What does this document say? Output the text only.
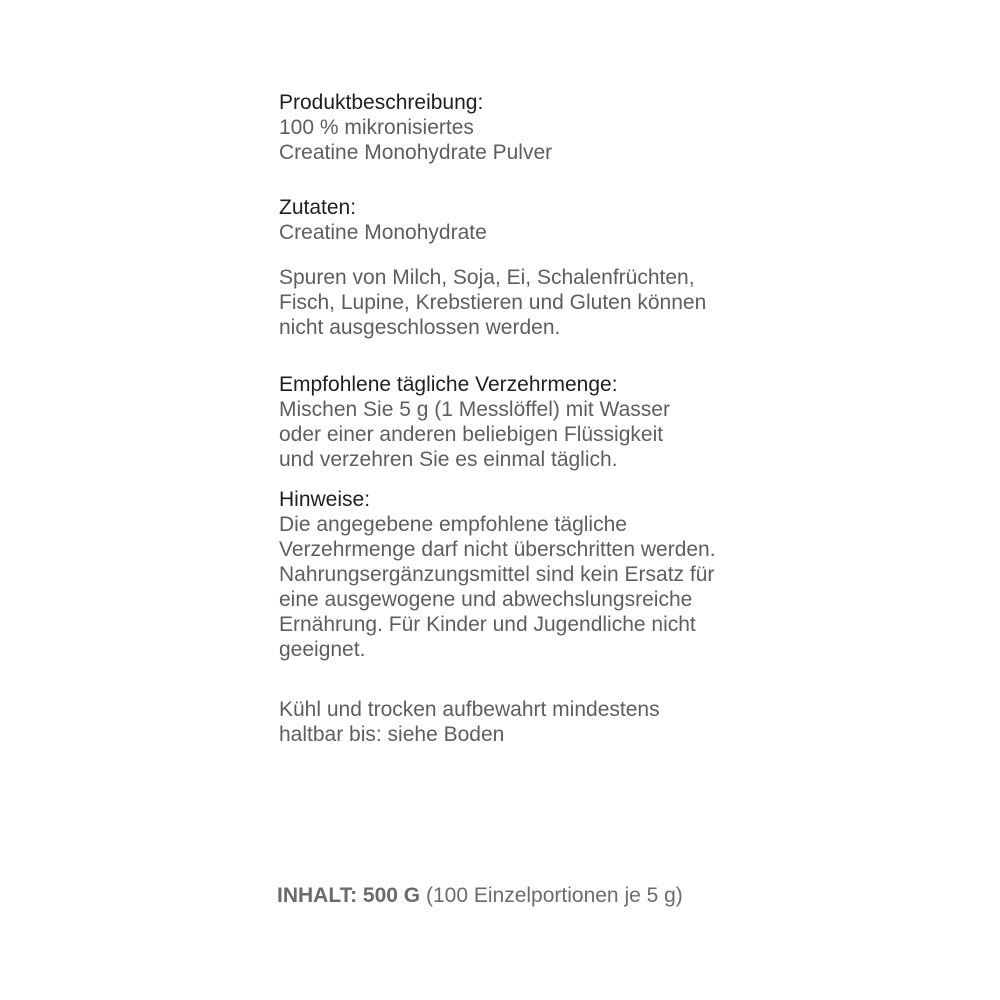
Produktbeschreibung:
100 % mikronisiertes
Creatine Monohydrate Pulver
Zutaten:
Creatine Monohydrate
Spuren von Milch, Soja, Ei, Schalenfrüchten,
Fisch, Lupine, Krebstieren und Gluten können
nicht ausgeschlossen werden.
Empfohlene tägliche Verzehrmenge:
Mischen Sie 5 g (1 Messlöffel) mit Wasser
oder einer anderen beliebigen Flüssigkeit
und verzehren Sie es einmal täglich.
Hinweise:
Die angegebene empfohlene tägliche
Verzehrmenge darf nicht überschritten werden.
Nahrungsergänzungsmittel sind kein Ersatz für
eine ausgewogene und abwechslungsreiche
Ernährung. Für Kinder und Jugendliche nicht
geeignet.
Kühl und trocken aufbewahrt mindestens
haltbar bis: siehe Boden
INHALT: 500 G (100 Einzelportionen je 5 g)
